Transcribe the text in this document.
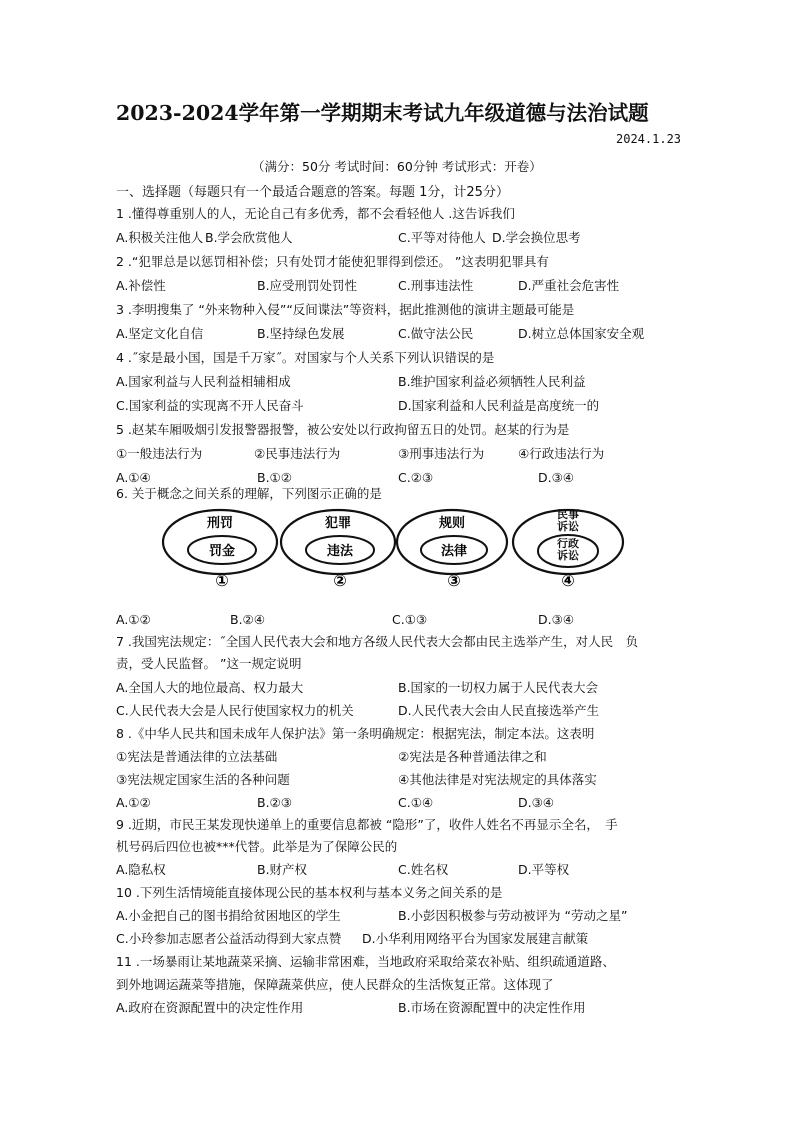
2023-2024学年第一学期期末考试九年级道德与法治试题
2024.1.23
（满分：50分 考试时间：60分钟 考试形式：开卷）
一、选择题（每题只有一个最适合题意的答案。每题 1分，计25分）
1 .懂得尊重别人的人，无论自己有多优秀，都不会看轻他人 .这告诉我们
A.积极关注他人 B.学会欣赏他人	C.平等对待他人 D.学会换位思考
2 .“犯罪总是以惩罚相补偿；只有处罚才能使犯罪得到偿还。 ”这表明犯罪具有
A.补偿性	B.应受刑罚处罚性	C.刑事违法性	D.严重社会危害性
3 .李明搜集了 “外来物种入侵”“反间谍法”等资料，据此推测他的演讲主题最可能是
A.坚定文化自信	B.坚持绿色发展	C.做守法公民	D.树立总体国家安全观
4 .˝家是最小国，国是千万家˝。对国家与个人关系下列认识错误的是
A.国家利益与人民利益相辅相成	B.维护国家利益必须牺牲人民利益
C.国家利益的实现离不开人民奋斗	D.国家利益和人民利益是高度统一的
5 .赵某车厢吸烟引发报警器报警，被公安处以行政拘留五日的处罚。赵某的行为是
①一般违法行为	②民事违法行为	③刑事违法行为	④行政违法行为
A.①④	B.①②	C.②③	D.③④
6. 关于概念之间关系的理解，下列图示正确的是
刑罚
罚金
①
犯罪
违法
②
规则
法律
③
民事诉讼
行政诉讼
④
A.①②	B.②④	C.①③	D.③④
7 .我国宪法规定：˝全国人民代表大会和地方各级人民代表大会都由民主选举产生，对人民　负
责，受人民监督。 ”这一规定说明
A.全国人大的地位最高、权力最大	B.国家的一切权力属于人民代表大会
C.人民代表大会是人民行使国家权力的机关	D.人民代表大会由人民直接选举产生
8 .《中华人民共和国未成年人保护法》第一条明确规定：根据宪法，制定本法。这表明
①宪法是普通法律的立法基础	②宪法是各种普通法律之和
③宪法规定国家生活的各种问题	④其他法律是对宪法规定的具体落实
A.①②	B.②③	C.①④	D.③④
9 .近期，市民王某发现快递单上的重要信息都被 “隐形”了，收件人姓名不再显示全名，　手
机号码后四位也被***代替。此举是为了保障公民的
A.隐私权	B.财产权	C.姓名权	D.平等权
10 .下列生活情境能直接体现公民的基本权利与基本义务之间关系的是
A.小金把自己的图书捐给贫困地区的学生	B.小彭因积极参与劳动被评为 “劳动之星”
C.小玲参加志愿者公益活动得到大家点赞 D.小华利用网络平台为国家发展建言献策
11 .一场暴雨让某地蔬菜采摘、运输非常困难，当地政府采取给菜农补贴、组织疏通道路、
到外地调运蔬菜等措施，保障蔬菜供应，使人民群众的生活恢复正常。这体现了
A.政府在资源配置中的决定性作用	B.市场在资源配置中的决定性作用
